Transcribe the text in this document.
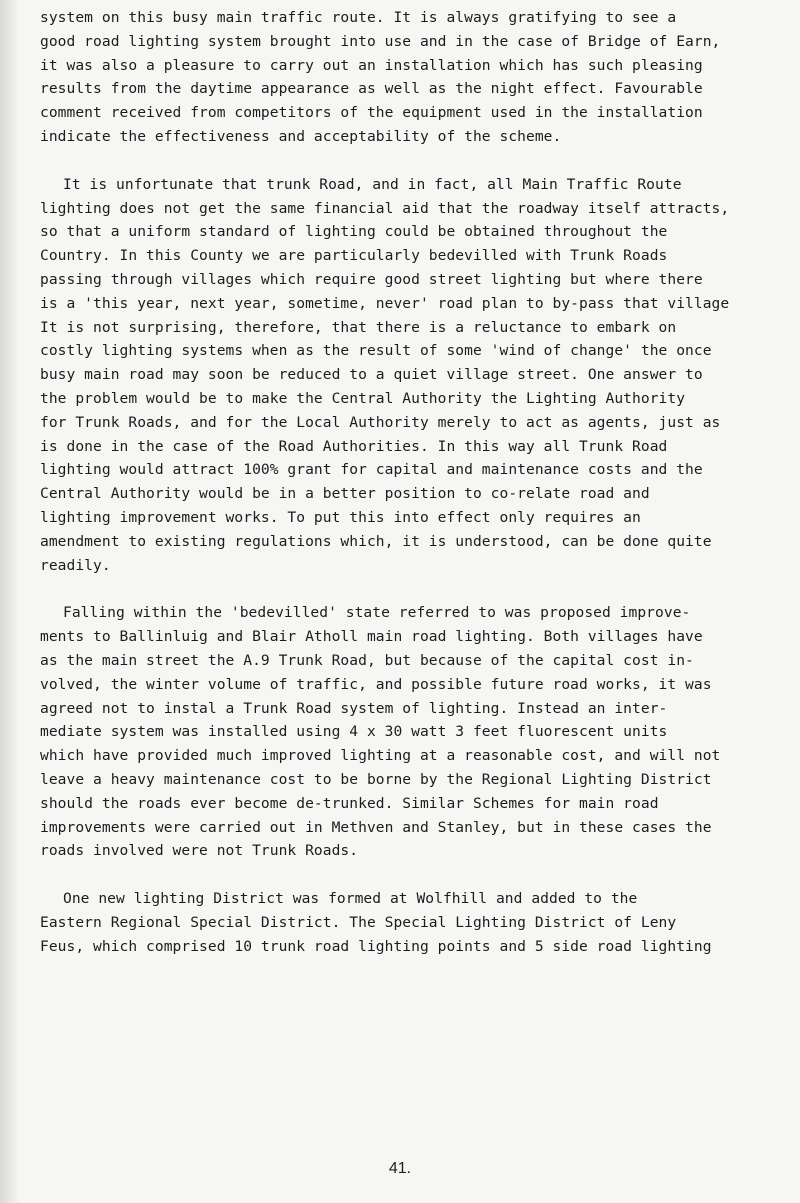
system on this busy main traffic route. It is always gratifying to see a
good road lighting system brought into use and in the case of Bridge of Earn,
it was also a pleasure to carry out an installation which has such pleasing
results from the daytime appearance as well as the night effect. Favourable
comment received from competitors of the equipment used in the installation
indicate the effectiveness and acceptability of the scheme.
It is unfortunate that trunk Road, and in fact, all Main Traffic Route
lighting does not get the same financial aid that the roadway itself attracts,
so that a uniform standard of lighting could be obtained throughout the
Country. In this County we are particularly bedevilled with Trunk Roads
passing through villages which require good street lighting but where there
is a 'this year, next year, sometime, never' road plan to by-pass that village
It is not surprising, therefore, that there is a reluctance to embark on
costly lighting systems when as the result of some 'wind of change' the once
busy main road may soon be reduced to a quiet village street. One answer to
the problem would be to make the Central Authority the Lighting Authority
for Trunk Roads, and for the Local Authority merely to act as agents, just as
is done in the case of the Road Authorities. In this way all Trunk Road
lighting would attract 100% grant for capital and maintenance costs and the
Central Authority would be in a better position to co-relate road and
lighting improvement works. To put this into effect only requires an
amendment to existing regulations which, it is understood, can be done quite
readily.
Falling within the 'bedevilled' state referred to was proposed improve-
ments to Ballinluig and Blair Atholl main road lighting. Both villages have
as the main street the A.9 Trunk Road, but because of the capital cost in-
volved, the winter volume of traffic, and possible future road works, it was
agreed not to instal a Trunk Road system of lighting. Instead an inter-
mediate system was installed using 4 x 30 watt 3 feet fluorescent units
which have provided much improved lighting at a reasonable cost, and will not
leave a heavy maintenance cost to be borne by the Regional Lighting District
should the roads ever become de-trunked. Similar Schemes for main road
improvements were carried out in Methven and Stanley, but in these cases the
roads involved were not Trunk Roads.
One new lighting District was formed at Wolfhill and added to the
Eastern Regional Special District. The Special Lighting District of Leny
Feus, which comprised 10 trunk road lighting points and 5 side road lighting
41.
